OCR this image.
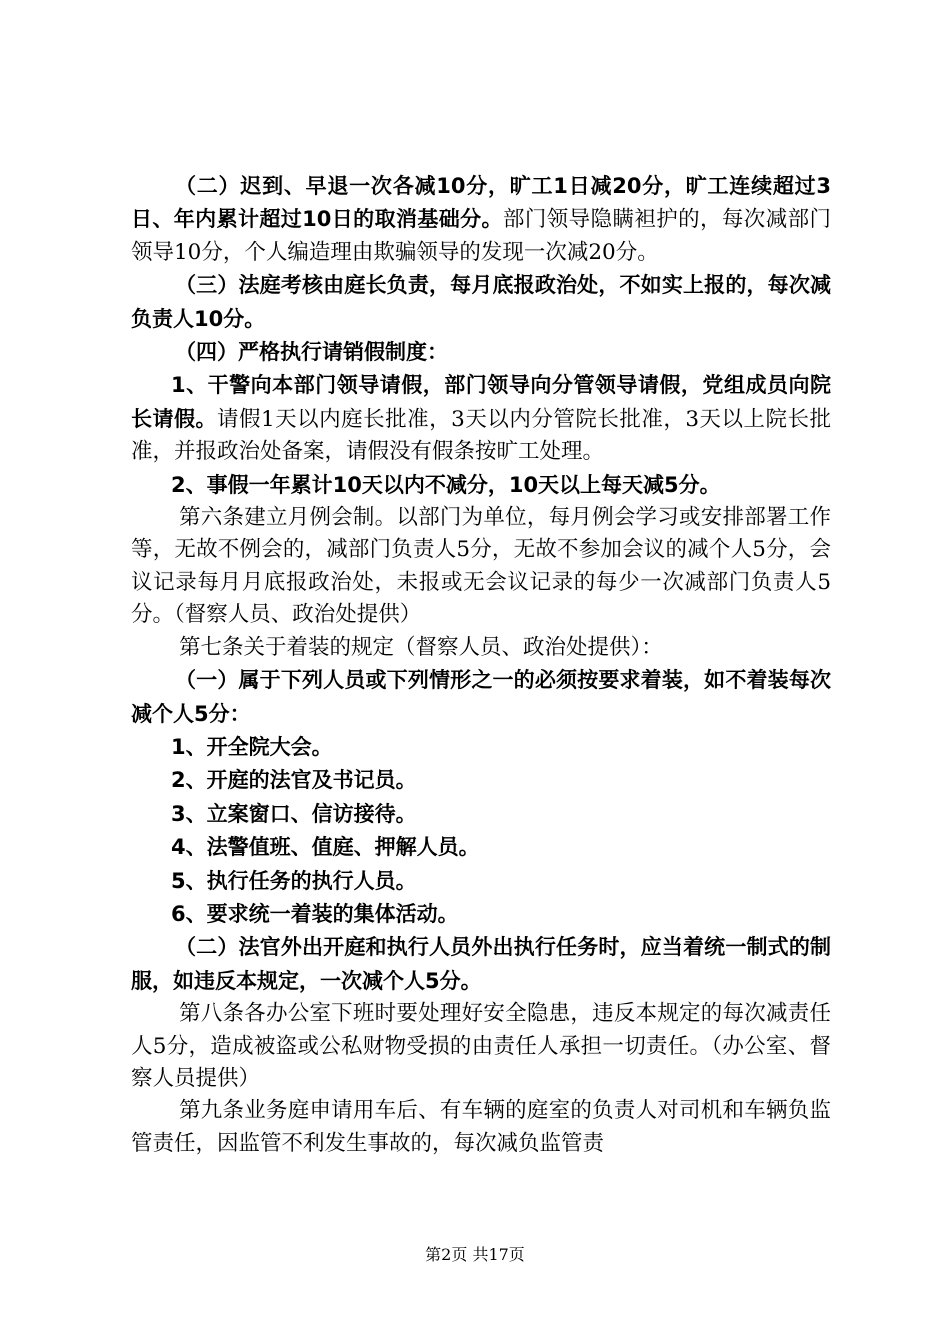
（二）迟到、早退一次各减10分，旷工1日减20分，旷工连续超过3日、年内累计超过10日的取消基础分。部门领导隐瞒袒护的，每次减部门领导10分，个人编造理由欺骗领导的发现一次减20分。

（三）法庭考核由庭长负责，每月底报政治处，不如实上报的，每次减负责人10分。

（四）严格执行请销假制度：

1、干警向本部门领导请假，部门领导向分管领导请假，党组成员向院长请假。请假1天以内庭长批准，3天以内分管院长批准，3天以上院长批准，并报政治处备案，请假没有假条按旷工处理。

2、事假一年累计10天以内不减分，10天以上每天减5分。

第六条建立月例会制。以部门为单位，每月例会学习或安排部署工作等，无故不例会的，减部门负责人5分，无故不参加会议的减个人5分，会议记录每月月底报政治处，未报或无会议记录的每少一次减部门负责人5分。（督察人员、政治处提供）

第七条关于着装的规定（督察人员、政治处提供）：

（一）属于下列人员或下列情形之一的必须按要求着装，如不着装每次减个人5分：

1、开全院大会。

2、开庭的法官及书记员。

3、立案窗口、信访接待。

4、法警值班、值庭、押解人员。

5、执行任务的执行人员。

6、要求统一着装的集体活动。

（二）法官外出开庭和执行人员外出执行任务时，应当着统一制式的制服，如违反本规定，一次减个人5分。

第八条各办公室下班时要处理好安全隐患，违反本规定的每次减责任人5分，造成被盗或公私财物受损的由责任人承担一切责任。（办公室、督察人员提供）

第九条业务庭申请用车后、有车辆的庭室的负责人对司机和车辆负监管责任，因监管不利发生事故的，每次减负监管责

第2页 共17页
